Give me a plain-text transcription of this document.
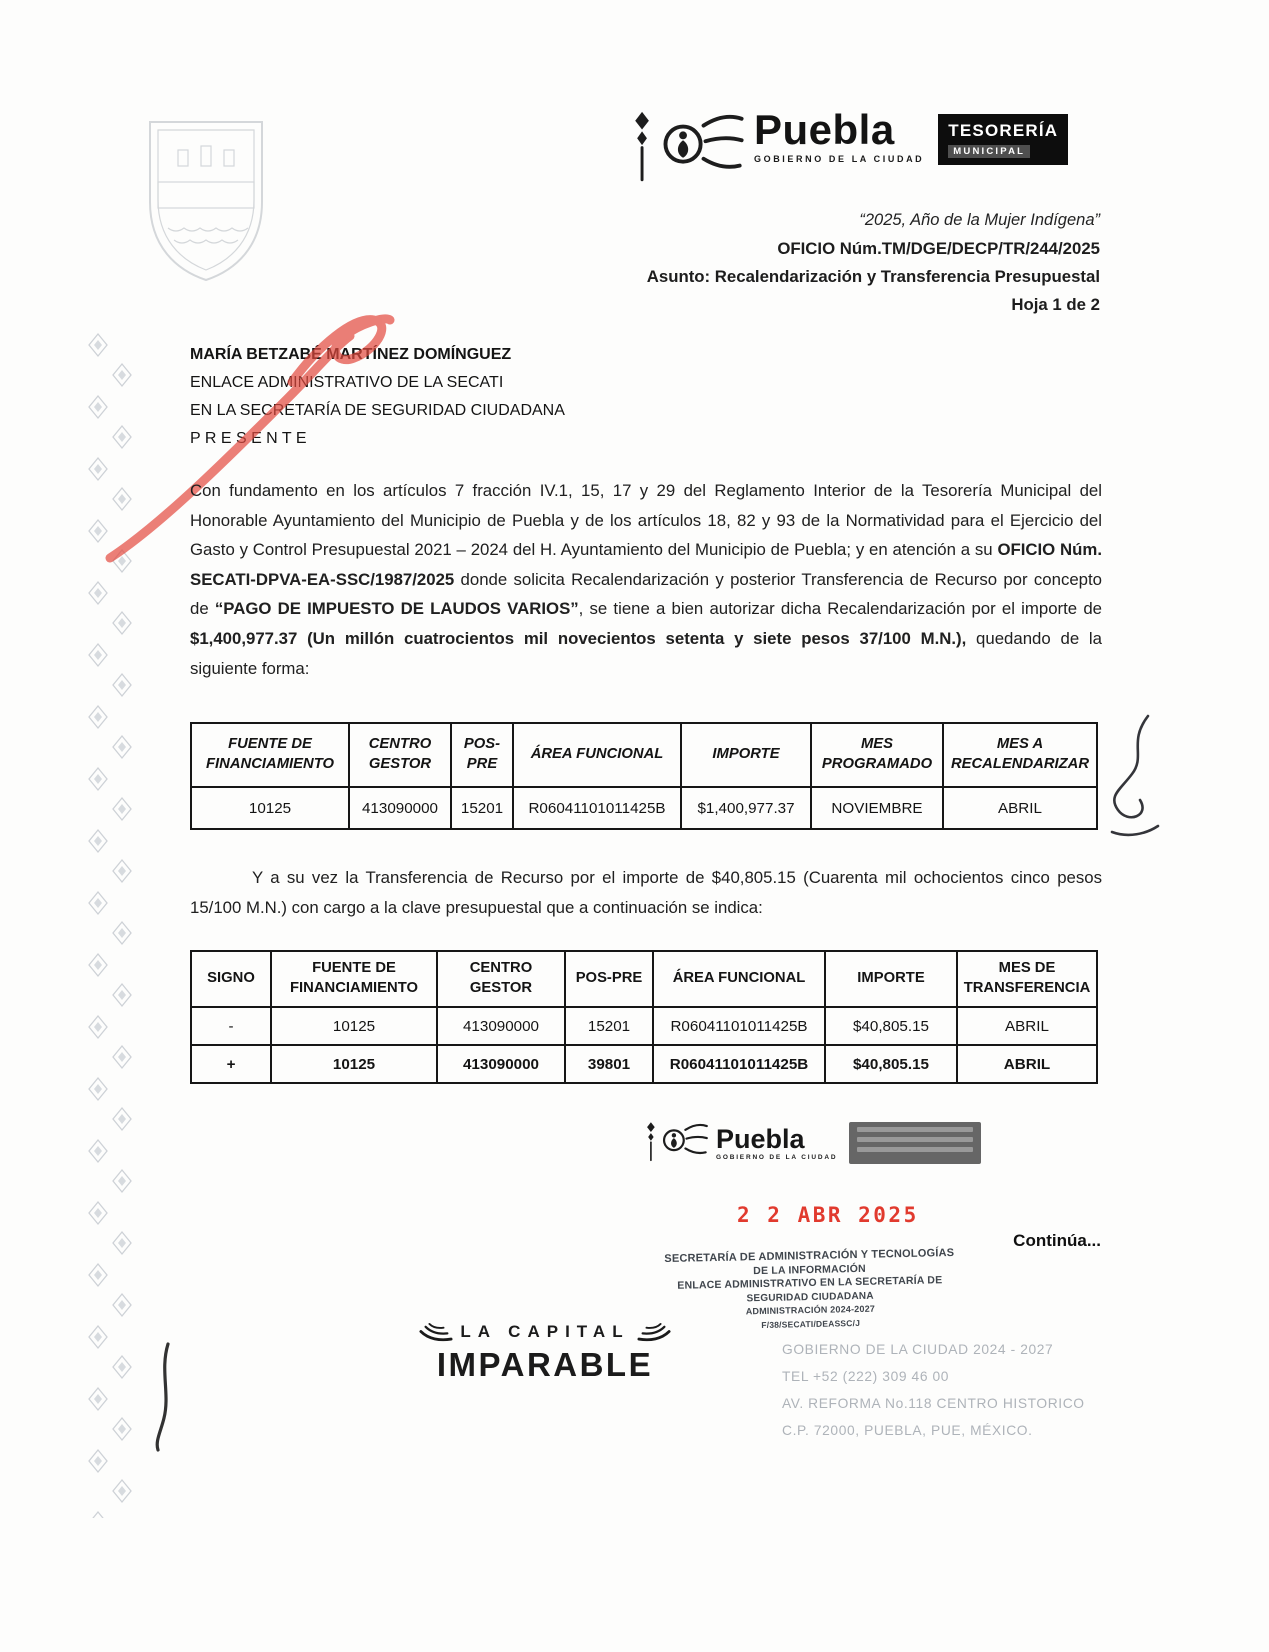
Puebla
GOBIERNO DE LA CIUDAD
TESORERÍA
MUNICIPAL
“2025, Año de la Mujer Indígena”
OFICIO Núm.TM/DGE/DECP/TR/244/2025
Asunto: Recalendarización y Transferencia Presupuestal
Hoja 1 de 2
MARÍA BETZABÉ MARTÍNEZ DOMÍNGUEZ
ENLACE ADMINISTRATIVO DE LA SECATI
EN LA SECRETARÍA DE SEGURIDAD CIUDADANA
P R E S E N T E
Con fundamento en los artículos 7 fracción IV.1, 15, 17 y 29 del Reglamento Interior de la Tesorería Municipal del Honorable Ayuntamiento del Municipio de Puebla y de los artículos 18, 82 y 93 de la Normatividad para el Ejercicio del Gasto y Control Presupuestal 2021 – 2024 del H. Ayuntamiento del Municipio de Puebla; y en atención a su OFICIO Núm. SECATI-DPVA-EA-SSC/1987/2025 donde solicita Recalendarización y posterior Transferencia de Recurso por concepto de “PAGO DE IMPUESTO DE LAUDOS VARIOS”, se tiene a bien autorizar dicha Recalendarización por el importe de $1,400,977.37 (Un millón cuatrocientos mil novecientos setenta y siete pesos 37/100 M.N.), quedando de la siguiente forma:
FUENTE DE FINANCIAMIENTO	CENTRO GESTOR	POS- PRE	ÁREA FUNCIONAL	IMPORTE	MES PROGRAMADO	MES A RECALENDARIZAR
10125	413090000	15201	R06041101011425B	$1,400,977.37	NOVIEMBRE	ABRIL
Y a su vez la Transferencia de Recurso por el importe de $40,805.15 (Cuarenta mil ochocientos cinco pesos 15/100 M.N.) con cargo a la clave presupuestal que a continuación se indica:
SIGNO	FUENTE DE FINANCIAMIENTO	CENTRO GESTOR	POS-PRE	ÁREA FUNCIONAL	IMPORTE	MES DE TRANSFERENCIA
-	10125	413090000	15201	R06041101011425B	$40,805.15	ABRIL
+	10125	413090000	39801	R06041101011425B	$40,805.15	ABRIL
Puebla
GOBIERNO DE LA CIUDAD
2 2 ABR 2025
SECRETARÍA DE ADMINISTRACIÓN Y TECNOLOGÍAS
DE LA INFORMACIÓN
ENLACE ADMINISTRATIVO EN LA SECRETARÍA DE
SEGURIDAD CIUDADANA
ADMINISTRACIÓN 2024-2027
F/38/SECATI/DEASSC/J
Continúa...
LA CAPITAL
IMPARABLE	GOBIERNO DE LA CIUDAD 2024 - 2027
TEL +52 (222) 309 46 00
AV. REFORMA No.118 CENTRO HISTORICO
C.P. 72000, PUEBLA, PUE, MÉXICO.
